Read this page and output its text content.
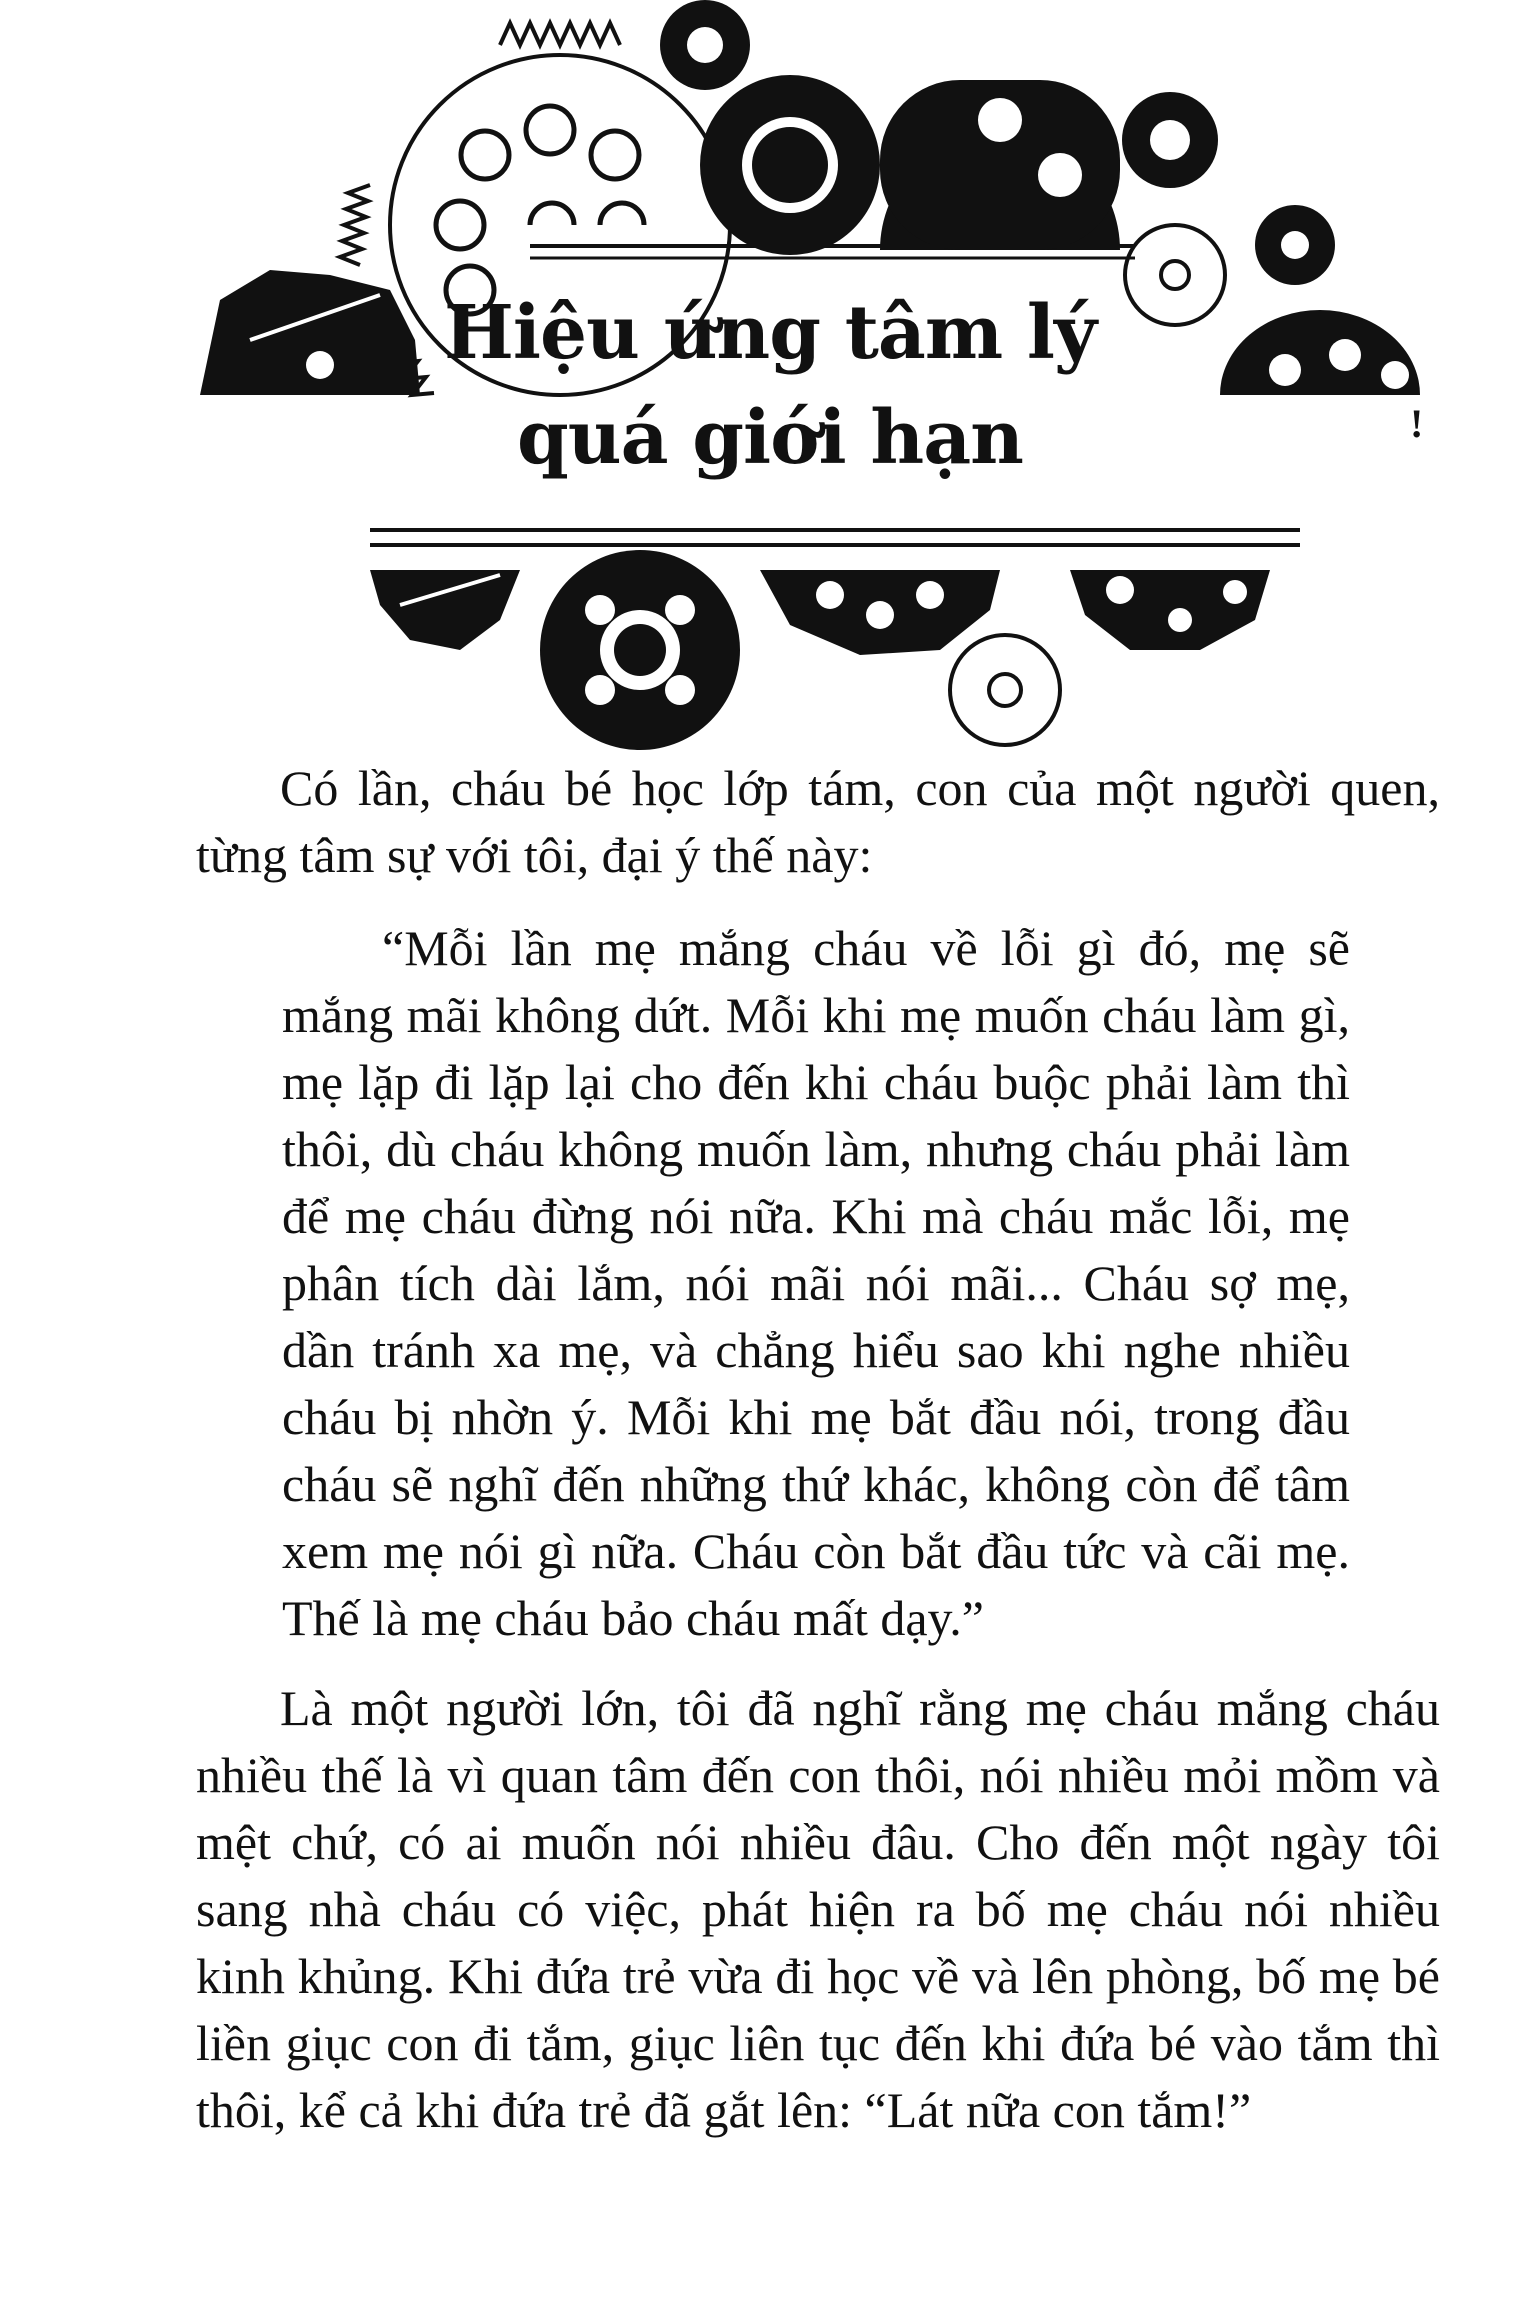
Hiệu ứng tâm lý
quá giới hạn	!

Có lần, cháu bé học lớp tám, con của một người quen, từng tâm sự với tôi, đại ý thế này:

“Mỗi lần mẹ mắng cháu về lỗi gì đó, mẹ sẽ mắng mãi không dứt. Mỗi khi mẹ muốn cháu làm gì, mẹ lặp đi lặp lại cho đến khi cháu buộc phải làm thì thôi, dù cháu không muốn làm, nhưng cháu phải làm để mẹ cháu đừng nói nữa. Khi mà cháu mắc lỗi, mẹ phân tích dài lắm, nói mãi nói mãi... Cháu sợ mẹ, dần tránh xa mẹ, và chẳng hiểu sao khi nghe nhiều cháu bị nhờn ý. Mỗi khi mẹ bắt đầu nói, trong đầu cháu sẽ nghĩ đến những thứ khác, không còn để tâm xem mẹ nói gì nữa. Cháu còn bắt đầu tức và cãi mẹ. Thế là mẹ cháu bảo cháu mất dạy.”

Là một người lớn, tôi đã nghĩ rằng mẹ cháu mắng cháu nhiều thế là vì quan tâm đến con thôi, nói nhiều mỏi mồm và mệt chứ, có ai muốn nói nhiều đâu. Cho đến một ngày tôi sang nhà cháu có việc, phát hiện ra bố mẹ cháu nói nhiều kinh khủng. Khi đứa trẻ vừa đi học về và lên phòng, bố mẹ bé liền giục con đi tắm, giục liên tục đến khi đứa bé vào tắm thì thôi, kể cả khi đứa trẻ đã gắt lên: “Lát nữa con tắm!”
